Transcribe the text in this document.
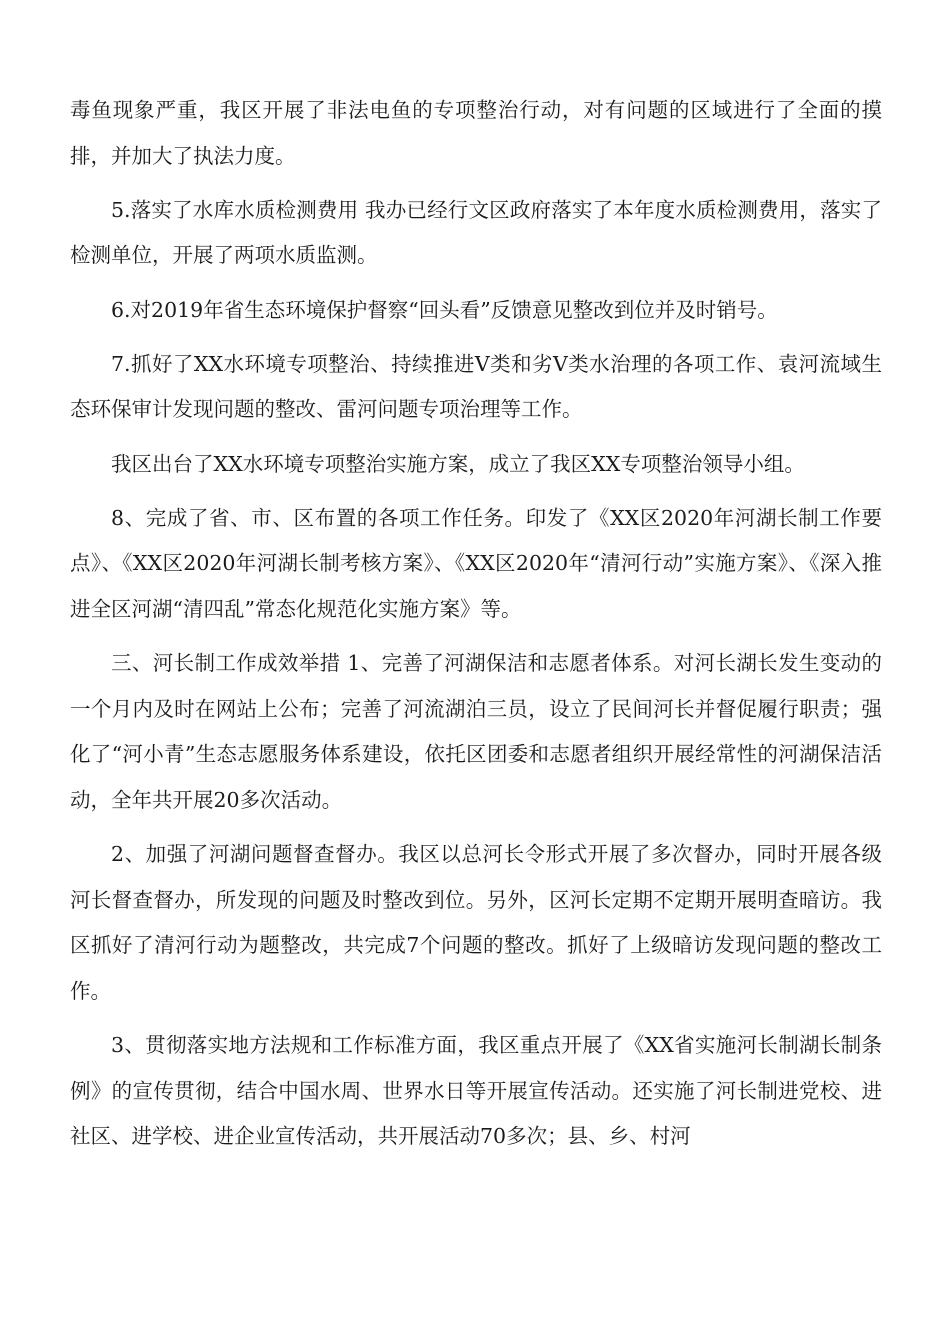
毒鱼现象严重，我区开展了非法电鱼的专项整治行动，对有问题的区域进行了全面的摸排，并加大了执法力度。

5.落实了水库水质检测费用 我办已经行文区政府落实了本年度水质检测费用，落实了检测单位，开展了两项水质监测。

6.对2019年省生态环境保护督察“回头看”反馈意见整改到位并及时销号。

7.抓好了XX水环境专项整治、持续推进V类和劣V类水治理的各项工作、袁河流域生态环保审计发现问题的整改、雷河问题专项治理等工作。

我区出台了XX水环境专项整治实施方案，成立了我区XX专项整治领导小组。

8、完成了省、市、区布置的各项工作任务。印发了《XX区2020年河湖长制工作要点》、《XX区2020年河湖长制考核方案》、《XX区2020年“清河行动”实施方案》、《深入推进全区河湖“清四乱”常态化规范化实施方案》等。

三、河长制工作成效举措 1、完善了河湖保洁和志愿者体系。对河长湖长发生变动的一个月内及时在网站上公布；完善了河流湖泊三员，设立了民间河长并督促履行职责；强化了“河小青”生态志愿服务体系建设，依托区团委和志愿者组织开展经常性的河湖保洁活动，全年共开展20多次活动。

2、加强了河湖问题督查督办。我区以总河长令形式开展了多次督办，同时开展各级河长督查督办，所发现的问题及时整改到位。另外，区河长定期不定期开展明查暗访。我区抓好了清河行动为题整改，共完成7个问题的整改。抓好了上级暗访发现问题的整改工作。

3、贯彻落实地方法规和工作标准方面，我区重点开展了《XX省实施河长制湖长制条例》的宣传贯彻，结合中国水周、世界水日等开展宣传活动。还实施了河长制进党校、进社区、进学校、进企业宣传活动，共开展活动70多次；县、乡、村河
